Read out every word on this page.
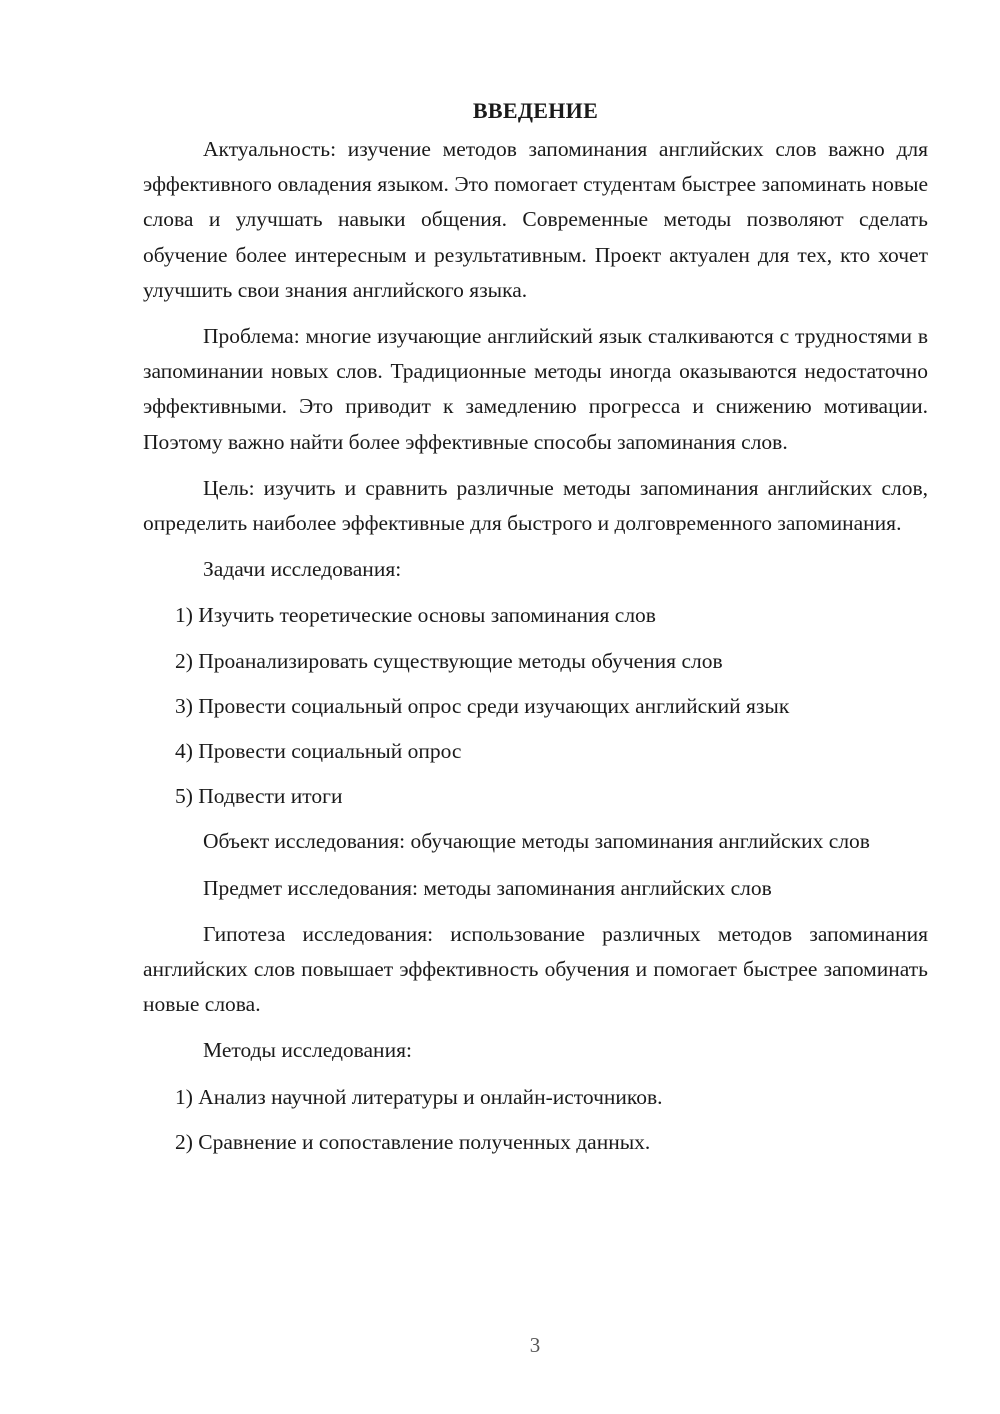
ВВЕДЕНИЕ

Актуальность: изучение методов запоминания английских слов важно для эффективного овладения языком. Это помогает студентам быстрее запоминать новые слова и улучшать навыки общения. Современные методы позволяют сделать обучение более интересным и результативным. Проект актуален для тех, кто хочет улучшить свои знания английского языка.

Проблема: многие изучающие английский язык сталкиваются с трудностями в запоминании новых слов. Традиционные методы иногда оказываются недостаточно эффективными. Это приводит к замедлению прогресса и снижению мотивации. Поэтому важно найти более эффективные способы запоминания слов.

Цель: изучить и сравнить различные методы запоминания английских слов, определить наиболее эффективные для быстрого и долговременного запоминания.

Задачи исследования:

1) Изучить теоретические основы запоминания слов

2) Проанализировать существующие методы обучения слов

3) Провести социальный опрос среди изучающих английский язык

4) Провести социальный опрос

5) Подвести итоги

Объект исследования: обучающие методы запоминания английских слов

Предмет исследования: методы запоминания английских слов

Гипотеза исследования: использование различных методов запоминания английских слов повышает эффективность обучения и помогает быстрее запоминать новые слова.

Методы исследования:

1) Анализ научной литературы и онлайн-источников.

2) Сравнение и сопоставление полученных данных.

3
